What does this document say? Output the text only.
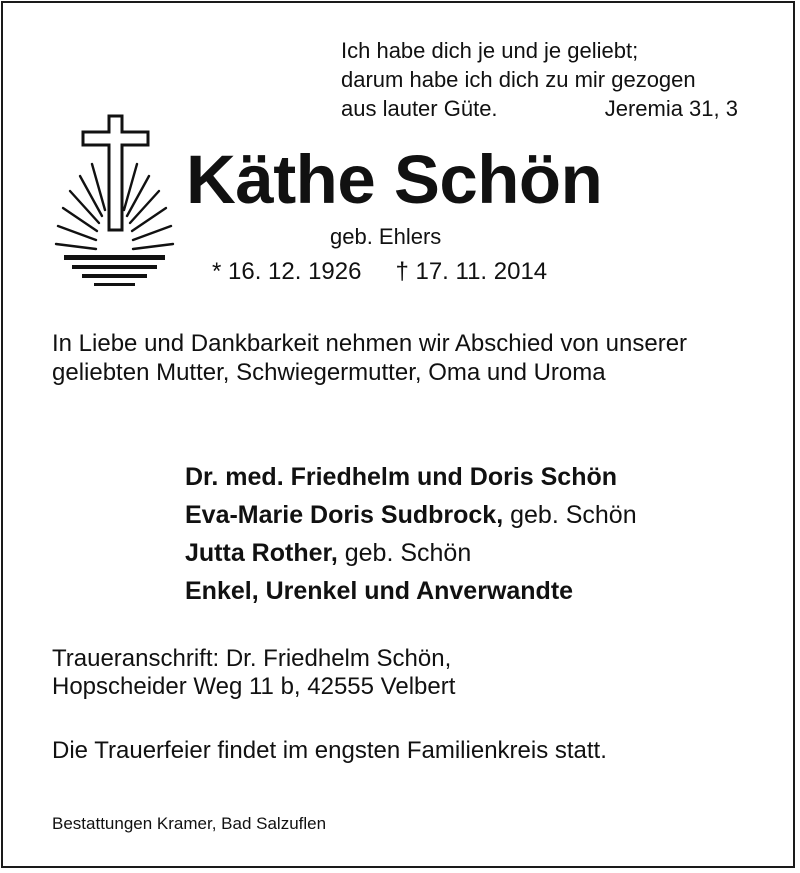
Ich habe dich je und je geliebt;
darum habe ich dich zu mir gezogen
aus lauter Güte.	Jeremia 31, 3
Käthe Schön
geb. Ehlers
* 16. 12. 1926 † 17. 11. 2014
In Liebe und Dankbarkeit nehmen wir Abschied von unserer geliebten Mutter, Schwiegermutter, Oma und Uroma
Dr. med. Friedhelm und Doris Schön
Eva-Marie Doris Sudbrock, geb. Schön
Jutta Rother, geb. Schön
Enkel, Urenkel und Anverwandte
Traueranschrift: Dr. Friedhelm Schön,
Hopscheider Weg 11 b, 42555 Velbert
Die Trauerfeier findet im engsten Familienkreis statt.
Bestattungen Kramer, Bad Salzuflen
